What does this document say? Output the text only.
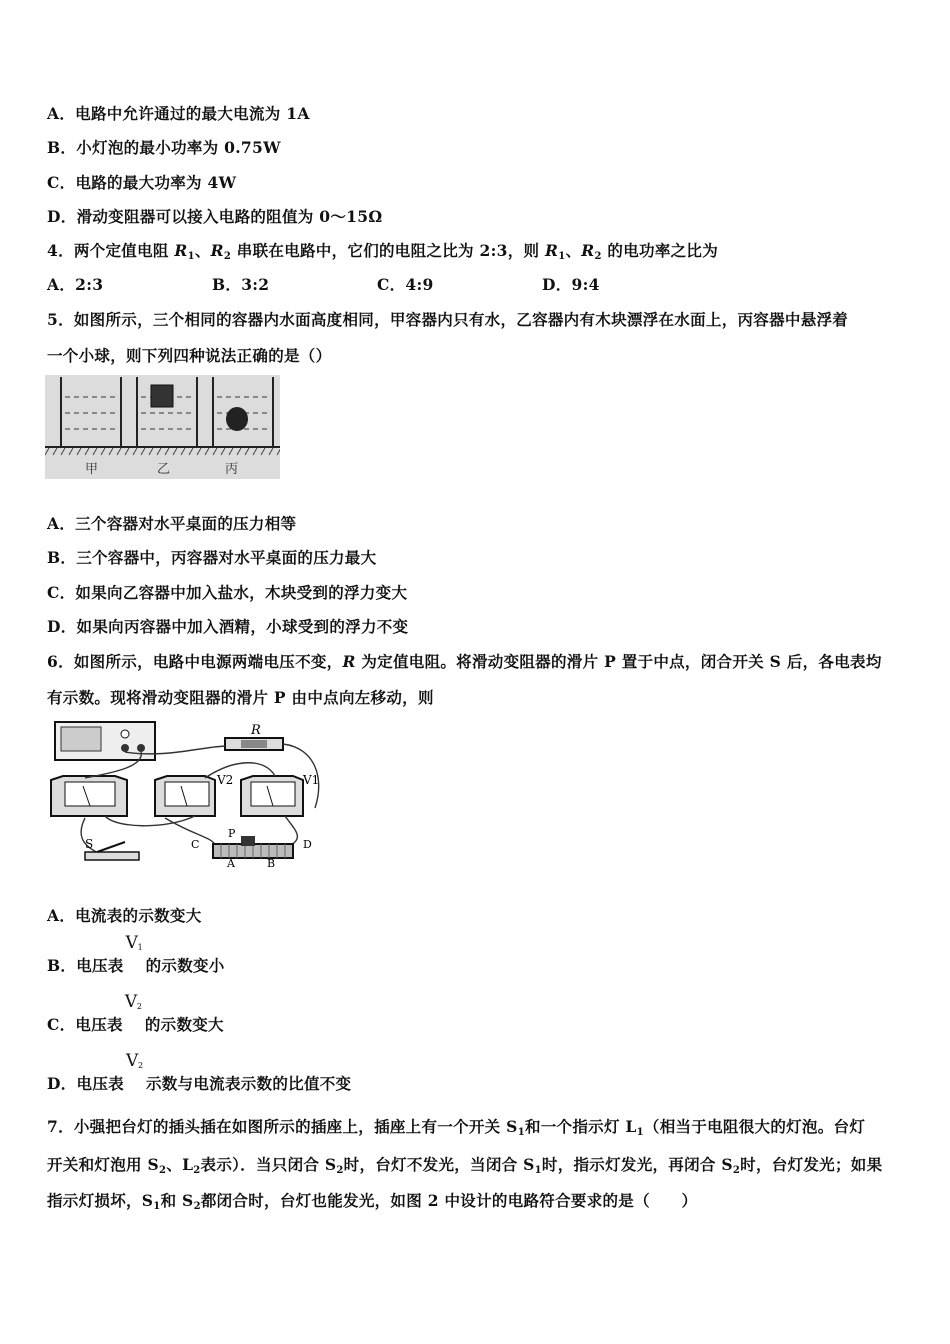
A．电路中允许通过的最大电流为 1A
B．小灯泡的最小功率为 0.75W
C．电路的最大功率为 4W
D．滑动变阻器可以接入电路的阻值为 0～15Ω
4．两个定值电阻 $R_1$、$R_2$ 串联在电路中，它们的电阻之比为 2:3，则 $R_1$、$R_2$ 的电功率之比为
A．2:3	B．3:2	C．4:9	D．9:4
5．如图所示，三个相同的容器内水面高度相同，甲容器内只有水，乙容器内有木块漂浮在水面上，丙容器中悬浮着
一个小球，则下列四种说法正确的是（）
甲	乙	丙
A．三个容器对水平桌面的压力相等
B．三个容器中，丙容器对水平桌面的压力最大
C．如果向乙容器中加入盐水，木块受到的浮力变大
D．如果向丙容器中加入酒精，小球受到的浮力不变
6．如图所示，电路中电源两端电压不变，R 为定值电阻。将滑动变阻器的滑片 P 置于中点，闭合开关 S 后，各电表均
有示数。现将滑动变阻器的滑片 P 由中点向左移动，则
R
V2	V1
S
P
C	D
A	B
A．电流表的示数变大
B．电压表
V 1
的示数变小
C．电压表
V 2
的示数变大
D．电压表
V 2
示数与电流表示数的比值不变
7．小强把台灯的插头插在如图所示的插座上，插座上有一个开关 $S_1$和一个指示灯 $L_1$（相当于电阻很大的灯泡。台灯
开关和灯泡用 $S_2$、$L_2$表示）．当只闭合 $S_2$时，台灯不发光，当闭合 $S_1$时，指示灯发光，再闭合 $S_2$时，台灯发光；如果
指示灯损坏，$S_1$和 $S_2$都闭合时，台灯也能发光，如图 2 中设计的电路符合要求的是（　　）
